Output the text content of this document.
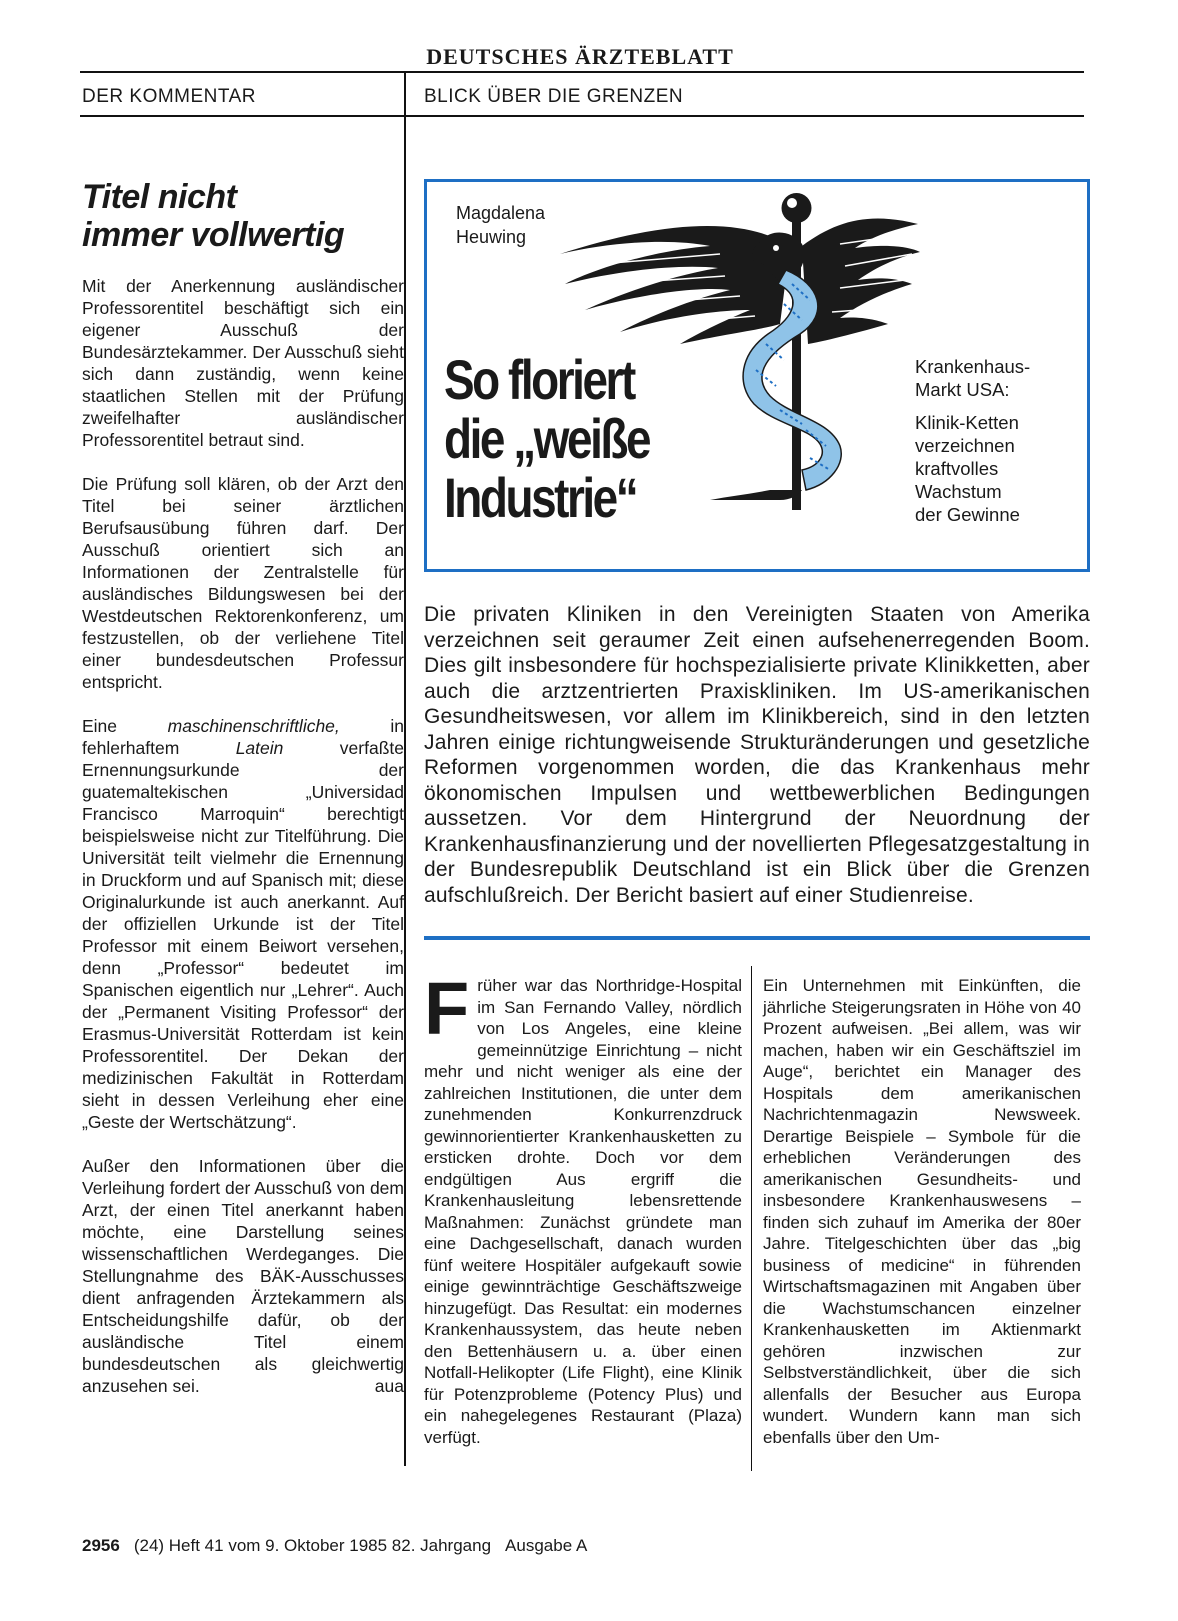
DEUTSCHES ÄRZTEBLATT
DER KOMMENTAR	BLICK ÜBER DIE GRENZEN
Titel nicht
immer vollwertig

Mit der Anerkennung ausländischer Professorentitel beschäftigt sich ein eigener Ausschuß der Bundesärztekammer. Der Ausschuß sieht sich dann zuständig, wenn keine staatlichen Stellen mit der Prüfung zweifelhafter ausländischer Professorentitel betraut sind.

Die Prüfung soll klären, ob der Arzt den Titel bei seiner ärztlichen Berufsausübung führen darf. Der Ausschuß orientiert sich an Informationen der Zentralstelle für ausländisches Bildungswesen bei der Westdeutschen Rektorenkonferenz, um festzustellen, ob der verliehene Titel einer bundesdeutschen Professur entspricht.

Eine maschinenschriftliche, in fehlerhaftem Latein verfaßte Ernennungsurkunde der guatemaltekischen „Universidad Francisco Marroquin“ berechtigt beispielsweise nicht zur Titelführung. Die Universität teilt vielmehr die Ernennung in Druckform und auf Spanisch mit; diese Originalurkunde ist auch anerkannt. Auf der offiziellen Urkunde ist der Titel Professor mit einem Beiwort versehen, denn „Professor“ bedeutet im Spanischen eigentlich nur „Lehrer“. Auch der „Permanent Visiting Professor“ der Erasmus-Universität Rotterdam ist kein Professorentitel. Der Dekan der medizinischen Fakultät in Rotterdam sieht in dessen Verleihung eher eine „Geste der Wertschätzung“.

Außer den Informationen über die Verleihung fordert der Ausschuß von dem Arzt, der einen Titel anerkannt haben möchte, eine Darstellung seines wissenschaftlichen Werdeganges. Die Stellungnahme des BÄK-Ausschusses dient anfragenden Ärztekammern als Entscheidungshilfe dafür, ob der ausländische Titel einem bundesdeutschen als gleichwertig anzusehen sei.	aua

Magdalena
Heuwing
So floriert
die „weiße
Industrie“
Krankenhaus-
Markt USA:
Klinik-Ketten
verzeichnen
kraftvolles
Wachstum
der Gewinne
Die privaten Kliniken in den Vereinigten Staaten von Amerika verzeichnen seit geraumer Zeit einen aufsehenerregenden Boom. Dies gilt insbesondere für hochspezialisierte private Klinikketten, aber auch die arztzentrierten Praxiskliniken. Im US-amerikanischen Gesundheitswesen, vor allem im Klinikbereich, sind in den letzten Jahren einige richtungweisende Strukturänderungen und gesetzliche Reformen vorgenommen worden, die das Krankenhaus mehr ökonomischen Impulsen und wettbewerblichen Bedingungen aussetzen. Vor dem Hintergrund der Neuordnung der Krankenhausfinanzierung und der novellierten Pflegesatzgestaltung in der Bundesrepublik Deutschland ist ein Blick über die Grenzen aufschlußreich. Der Bericht basiert auf einer Studienreise.
Früher war das Northridge-Hospital im San Fernando Valley, nördlich von Los Angeles, eine kleine gemeinnützige Einrichtung – nicht mehr und nicht weniger als eine der zahlreichen Institutionen, die unter dem zunehmenden Konkurrenzdruck gewinnorientierter Krankenhausketten zu ersticken drohte. Doch vor dem endgültigen Aus ergriff die Krankenhausleitung lebensrettende Maßnahmen: Zunächst gründete man eine Dachgesellschaft, danach wurden fünf weitere Hospitäler aufgekauft sowie einige gewinnträchtige Geschäftszweige hinzugefügt. Das Resultat: ein modernes Krankenhaussystem, das heute neben den Bettenhäusern u. a. über einen Notfall-Helikopter (Life Flight), eine Klinik für Potenzprobleme (Potency Plus) und ein nahegelegenes Restaurant (Plaza) verfügt.
Ein Unternehmen mit Einkünften, die jährliche Steigerungsraten in Höhe von 40 Prozent aufweisen. „Bei allem, was wir machen, haben wir ein Geschäftsziel im Auge“, berichtet ein Manager des Hospitals dem amerikanischen Nachrichtenmagazin Newsweek. Derartige Beispiele – Symbole für die erheblichen Veränderungen des amerikanischen Gesundheits- und insbesondere Krankenhauswesens – finden sich zuhauf im Amerika der 80er Jahre. Titelgeschichten über das „big business of medicine“ in führenden Wirtschaftsmagazinen mit Angaben über die Wachstumschancen einzelner Krankenhausketten im Aktienmarkt gehören inzwischen zur Selbstverständlichkeit, über die sich allenfalls der Besucher aus Europa wundert. Wundern kann man sich ebenfalls über den Um-
2956 (24) Heft 41 vom 9. Oktober 1985 82. Jahrgang Ausgabe A
